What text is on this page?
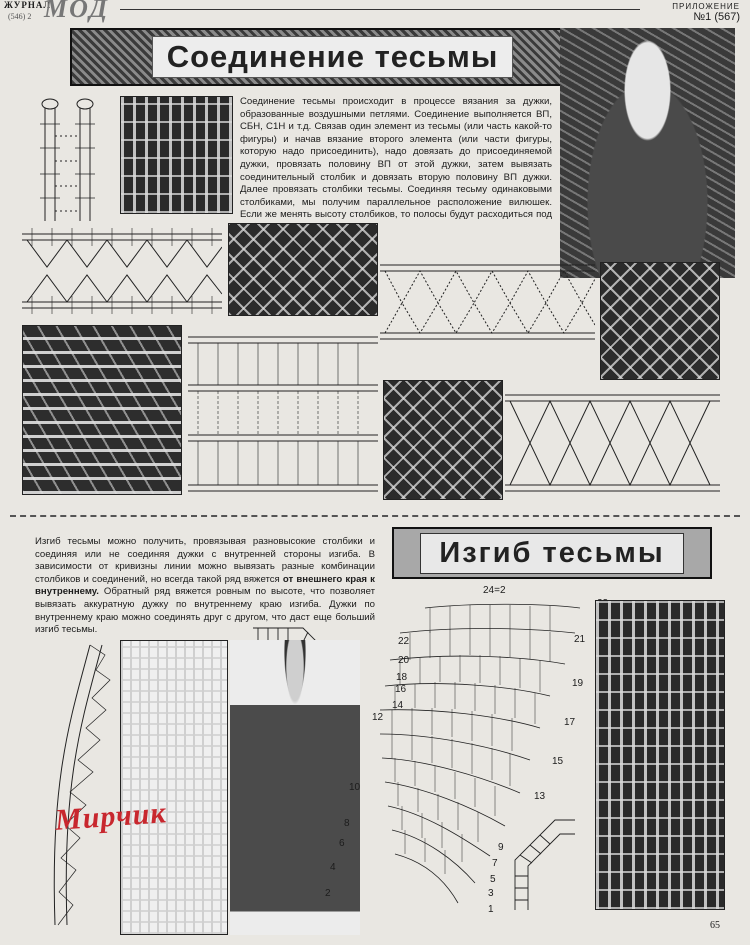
ЖУРНАЛ
МОД
(546) 2
ПРИЛОЖЕНИЕ
№1 (567)
Соединение тесьмы
Соединение тесьмы происходит в процессе вязания за дужки, образованные воздушными петлями. Соединение выполняется ВП, СБН, С1Н и т.д. Связав один элемент из тесьмы (или часть какой-то фигуры) и начав вязание второго элемента (или части фигуры, которую надо присоединить), надо довязать до присоединяемой дужки, провязать половину ВП от этой дужки, затем вывязать соединительный столбик и довязать вторую половину ВП дужки. Далее провязать столбики тесьмы. Соединяя тесьму одинаковыми столбиками, мы получим параллельное расположение вилюшек. Если же менять высоту столбиков, то полосы будут расходиться под
Изгиб тесьмы можно получить, провязывая разновысокие столбики и соединяя или не соединяя дужки с внутренней стороны изгиба. В зависимости от кривизны линии можно вывязать разные комбинации столбиков и соединений, но всегда такой ряд вяжется от внешнего края к внутреннему. Обратный ряд вяжется ровным по высоте, что позволяет вывязать аккуратную дужку по внутреннему краю изгиба. Дужки по внутреннему краю можно соединять друг с другом, что даст еще больший изгиб тесьмы.
Изгиб тесьмы
Мирчик
24=2
21
19
17
15
13
9
7
5
3
1
22
20
18
16
14
12
10
8
6
4
2
65
